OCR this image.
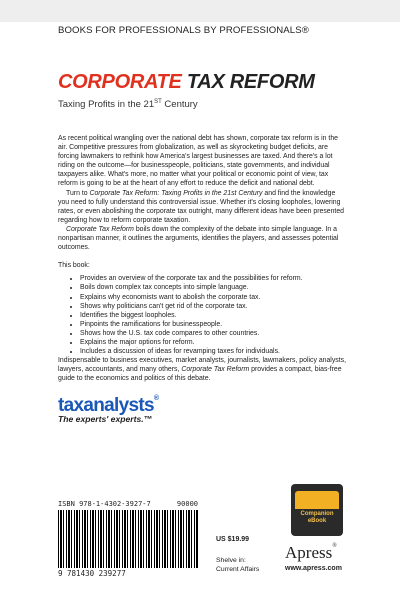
BOOKS FOR PROFESSIONALS BY PROFESSIONALS®
CORPORATE TAX REFORM
Taxing Profits in the 21ST Century

As recent political wrangling over the national debt has shown, corporate tax reform is in the air. Competitive pressures from globalization, as well as skyrocketing budget deficits, are forcing lawmakers to rethink how America's largest businesses are taxed. And there's a lot riding on the outcome—for businesspeople, politicians, state governments, and individual taxpayers alike. What's more, no matter what your political or economic point of view, tax reform is going to be at the heart of any effort to reduce the deficit and national debt.

Turn to Corporate Tax Reform: Taxing Profits in the 21st Century and find the knowledge you need to fully understand this controversial issue. Whether it's closing loopholes, lowering rates, or even abolishing the corporate tax outright, many different ideas have been presented regarding how to reform corporate taxation.

Corporate Tax Reform boils down the complexity of the debate into simple language. In a nonpartisan manner, it outlines the arguments, identifies the players, and assesses potential outcomes.

This book:

• Provides an overview of the corporate tax and the possibilities for reform.
• Boils down complex tax concepts into simple language.
• Explains why economists want to abolish the corporate tax.
• Shows why politicians can't get rid of the corporate tax.
• Identifies the biggest loopholes.
• Pinpoints the ramifications for businesspeople.
• Shows how the U.S. tax code compares to other countries.
• Explains the major options for reform.
• Includes a discussion of ideas for revamping taxes for individuals.

Indispensable to business executives, market analysts, journalists, lawmakers, policy analysts, lawyers, accountants, and many others, Corporate Tax Reform provides a compact, bias-free guide to the economics and politics of this debate.

taxanalysts®
The experts' experts.™
ISBN 978-1-4302-3927-7	90000
9 781430 239277
US $19.99
Shelve in:
Current Affairs
Companion
eBook
Apress®
www.apress.com
